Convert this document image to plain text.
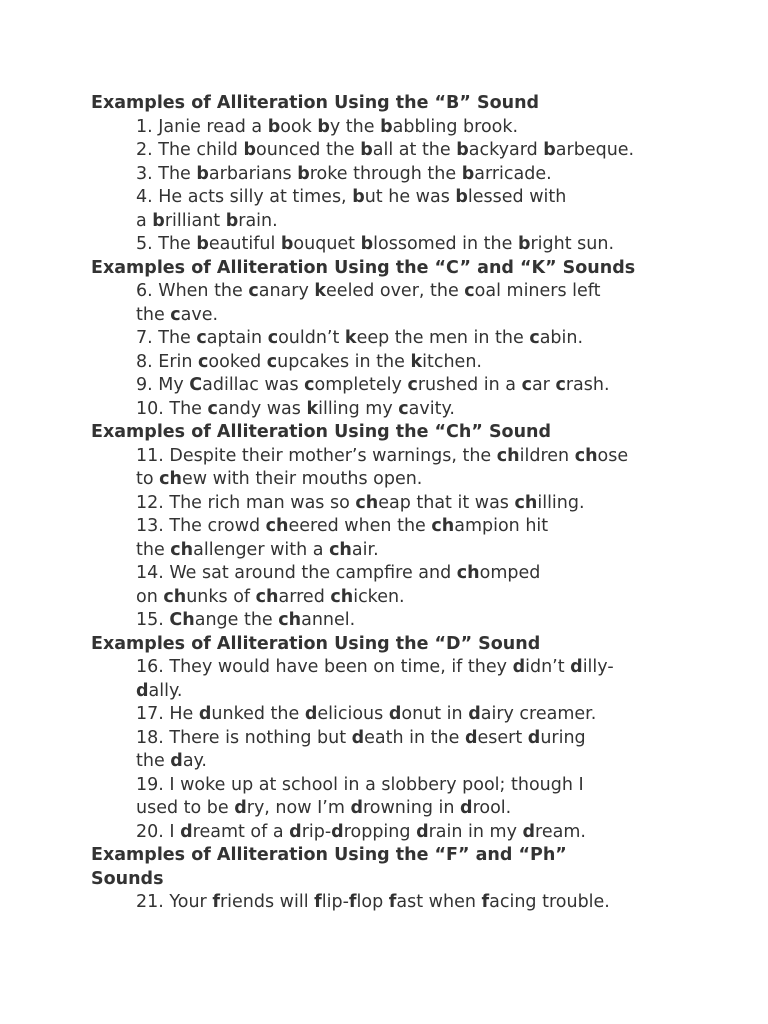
Examples of Alliteration Using the “B” Sound
1. Janie read a book by the babbling brook.
2. The child bounced the ball at the backyard barbeque.
3. The barbarians broke through the barricade.
4. He acts silly at times, but he was blessed with
a brilliant brain.
5. The beautiful bouquet blossomed in the bright sun.
Examples of Alliteration Using the “C” and “K” Sounds
6. When the canary keeled over, the coal miners left
the cave.
7. The captain couldn’t keep the men in the cabin.
8. Erin cooked cupcakes in the kitchen.
9. My Cadillac was completely crushed in a car crash.
10. The candy was killing my cavity.
Examples of Alliteration Using the “Ch” Sound
11. Despite their mother’s warnings, the children chose
to chew with their mouths open.
12. The rich man was so cheap that it was chilling.
13. The crowd cheered when the champion hit
the challenger with a chair.
14. We sat around the campfire and chomped
on chunks of charred chicken.
15. Change the channel.
Examples of Alliteration Using the “D” Sound
16. They would have been on time, if they didn’t dilly-
dally.
17. He dunked the delicious donut in dairy creamer.
18. There is nothing but death in the desert during
the day.
19. I woke up at school in a slobbery pool; though I
used to be dry, now I’m drowning in drool.
20. I dreamt of a drip-dropping drain in my dream.
Examples of Alliteration Using the “F” and “Ph”
Sounds
21. Your friends will flip-flop fast when facing trouble.
